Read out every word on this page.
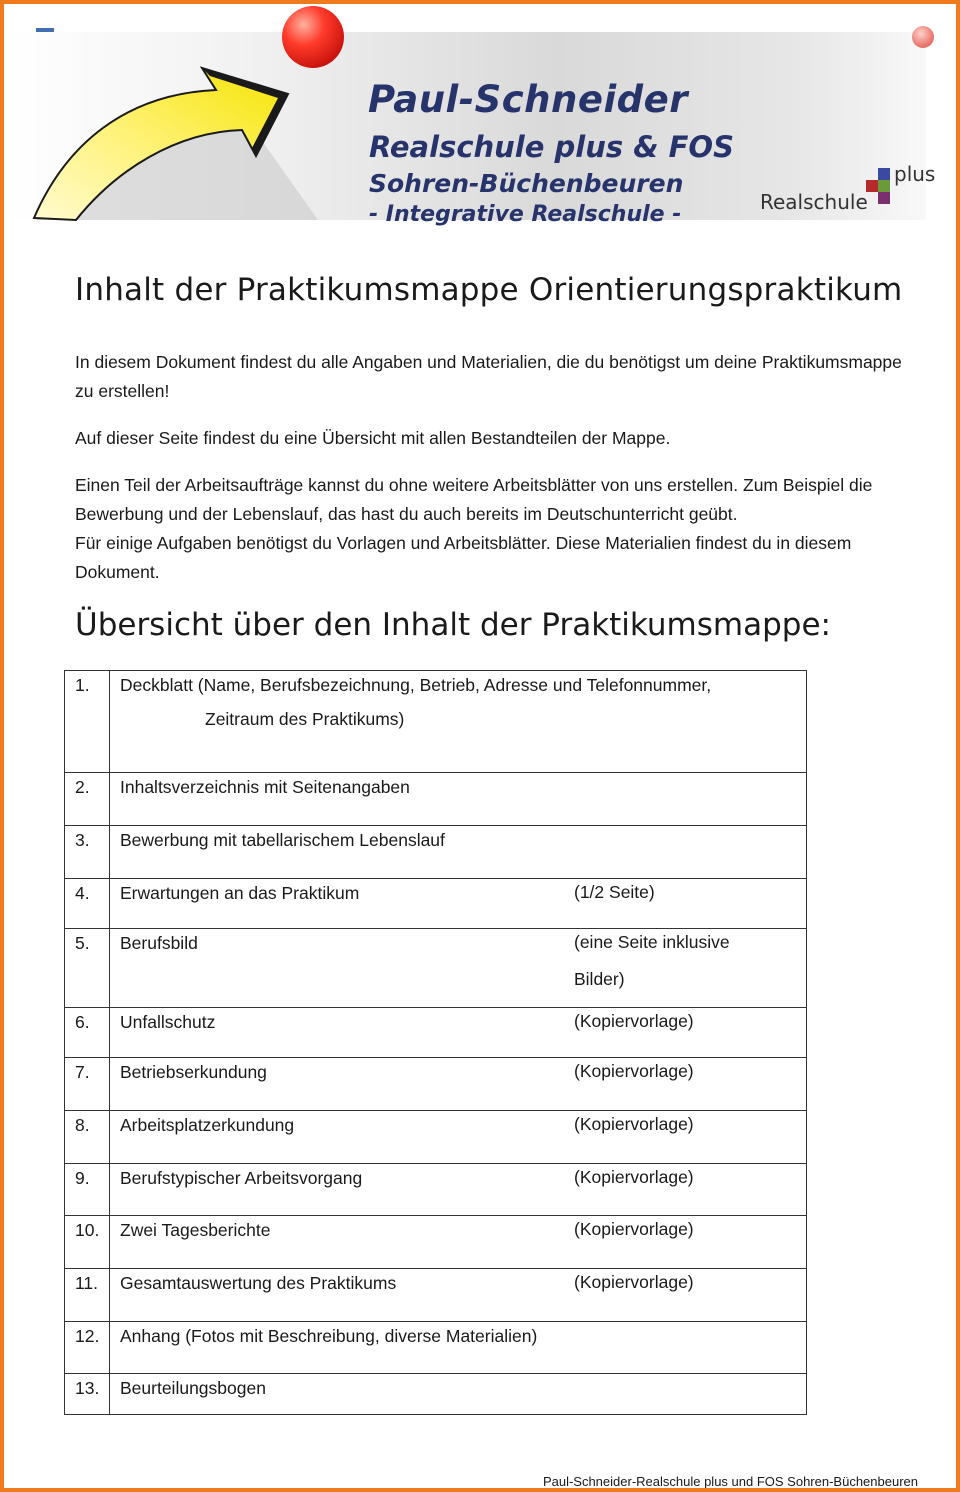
Paul-Schneider

Realschule plus & FOS

Sohren-Büchenbeuren

- Integrative Realschule -	Realschule
plus
Inhalt der Praktikumsmappe Orientierungspraktikum

In diesem Dokument findest du alle Angaben und Materialien, die du benötigst um deine Praktikumsmappe zu erstellen!

Auf dieser Seite findest du eine Übersicht mit allen Bestandteilen der Mappe.

Einen Teil der Arbeitsaufträge kannst du ohne weitere Arbeitsblätter von uns erstellen. Zum Beispiel die Bewerbung und der Lebenslauf, das hast du auch bereits im Deutschunterricht geübt.

Für einige Aufgaben benötigst du Vorlagen und Arbeitsblätter. Diese Materialien findest du in diesem Dokument.

Übersicht über den Inhalt der Praktikumsmappe:
1.	Deckblatt (Name, Berufsbezeichnung, Betrieb, Adresse und Telefonnummer,
Zeitraum des Praktikums)

2.	Inhaltsverzeichnis mit Seitenangaben

3.	Bewerbung mit tabellarischem Lebenslauf

4.	Erwartungen an das Praktikum (1/2 Seite)

5.	Berufsbild (eine Seite inklusive Bilder)

6.	Unfallschutz (Kopiervorlage)

7.	Betriebserkundung (Kopiervorlage)

8.	Arbeitsplatzerkundung (Kopiervorlage)

9.	Berufstypischer Arbeitsvorgang (Kopiervorlage)

10.	Zwei Tagesberichte (Kopiervorlage)

11.	Gesamtauswertung des Praktikums (Kopiervorlage)

12.	Anhang (Fotos mit Beschreibung, diverse Materialien)

13.	Beurteilungsbogen
Paul-Schneider-Realschule plus und FOS Sohren-Büchenbeuren
